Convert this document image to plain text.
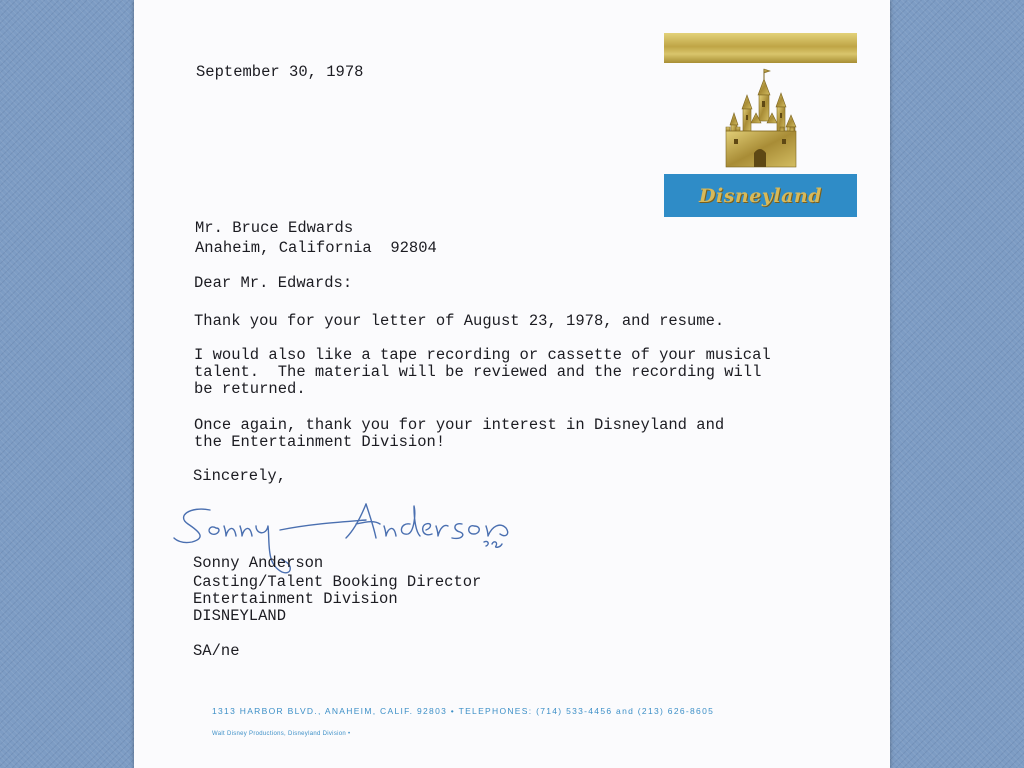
Disneyland
September 30, 1978
Mr. Bruce Edwards
Anaheim, California  92804
Dear Mr. Edwards:
Thank you for your letter of August 23, 1978, and resume.
I would also like a tape recording or cassette of your musical
talent.  The material will be reviewed and the recording will
be returned.
Once again, thank you for your interest in Disneyland and
the Entertainment Division!
Sincerely,
Sonny Anderson
Casting/Talent Booking Director
Entertainment Division
DISNEYLAND
SA/ne
1313 HARBOR BLVD., ANAHEIM, CALIF. 92803 • TELEPHONES: (714) 533-4456 and (213) 626-8605
Walt Disney Productions, Disneyland Division •
